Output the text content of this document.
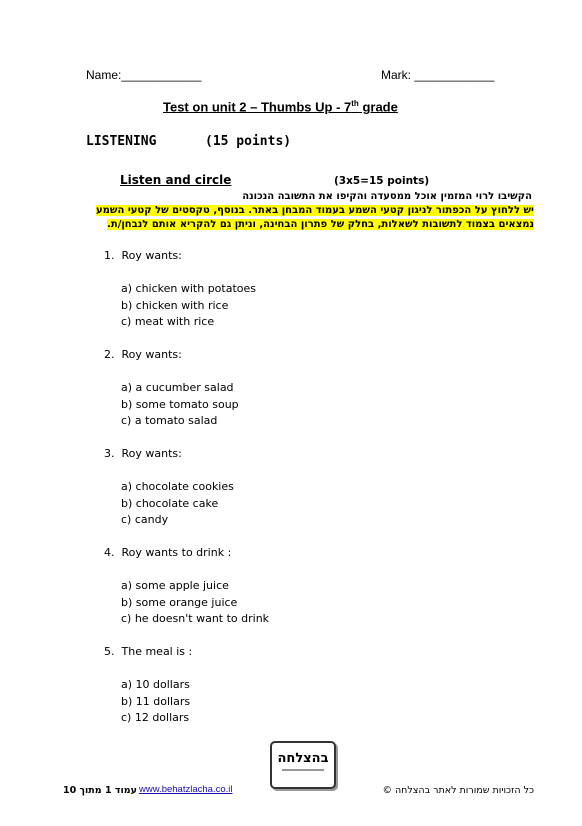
Name:____________	Mark: ____________
Test on unit 2 – Thumbs Up - 7th grade
LISTENING	(15 points)
Listen and circle	(3x5=15 points)
הקשיבו לרוי המזמין אוכל ממסעדה והקיפו את התשובה הנכונה
יש ללחוץ על הכפתור לניגון קטעי השמע בעמוד המבחן באתר. בנוסף, טקסטים של קטעי השמע
נמצאים בצמוד לתשובות לשאלות, בחלק של פתרון הבחינה, וניתן גם להקריא אותם לנבחן/ת.
1. Roy wants:
a) chicken with potatoes
b) chicken with rice
c) meat with rice
2. Roy wants:
a) a cucumber salad
b) some tomato soup
c) a tomato salad
3. Roy wants:
a) chocolate cookies
b) chocolate cake
c) candy
4. Roy wants to drink :
a) some apple juice
b) some orange juice
c) he doesn't want to drink
5. The meal is :
a) 10 dollars
b) 11 dollars
c) 12 dollars
בהצלחה
עמוד 1 מתוך 10 www.behatzlacha.co.il	כל הזכויות שמורות לאתר בהצלחה ©
